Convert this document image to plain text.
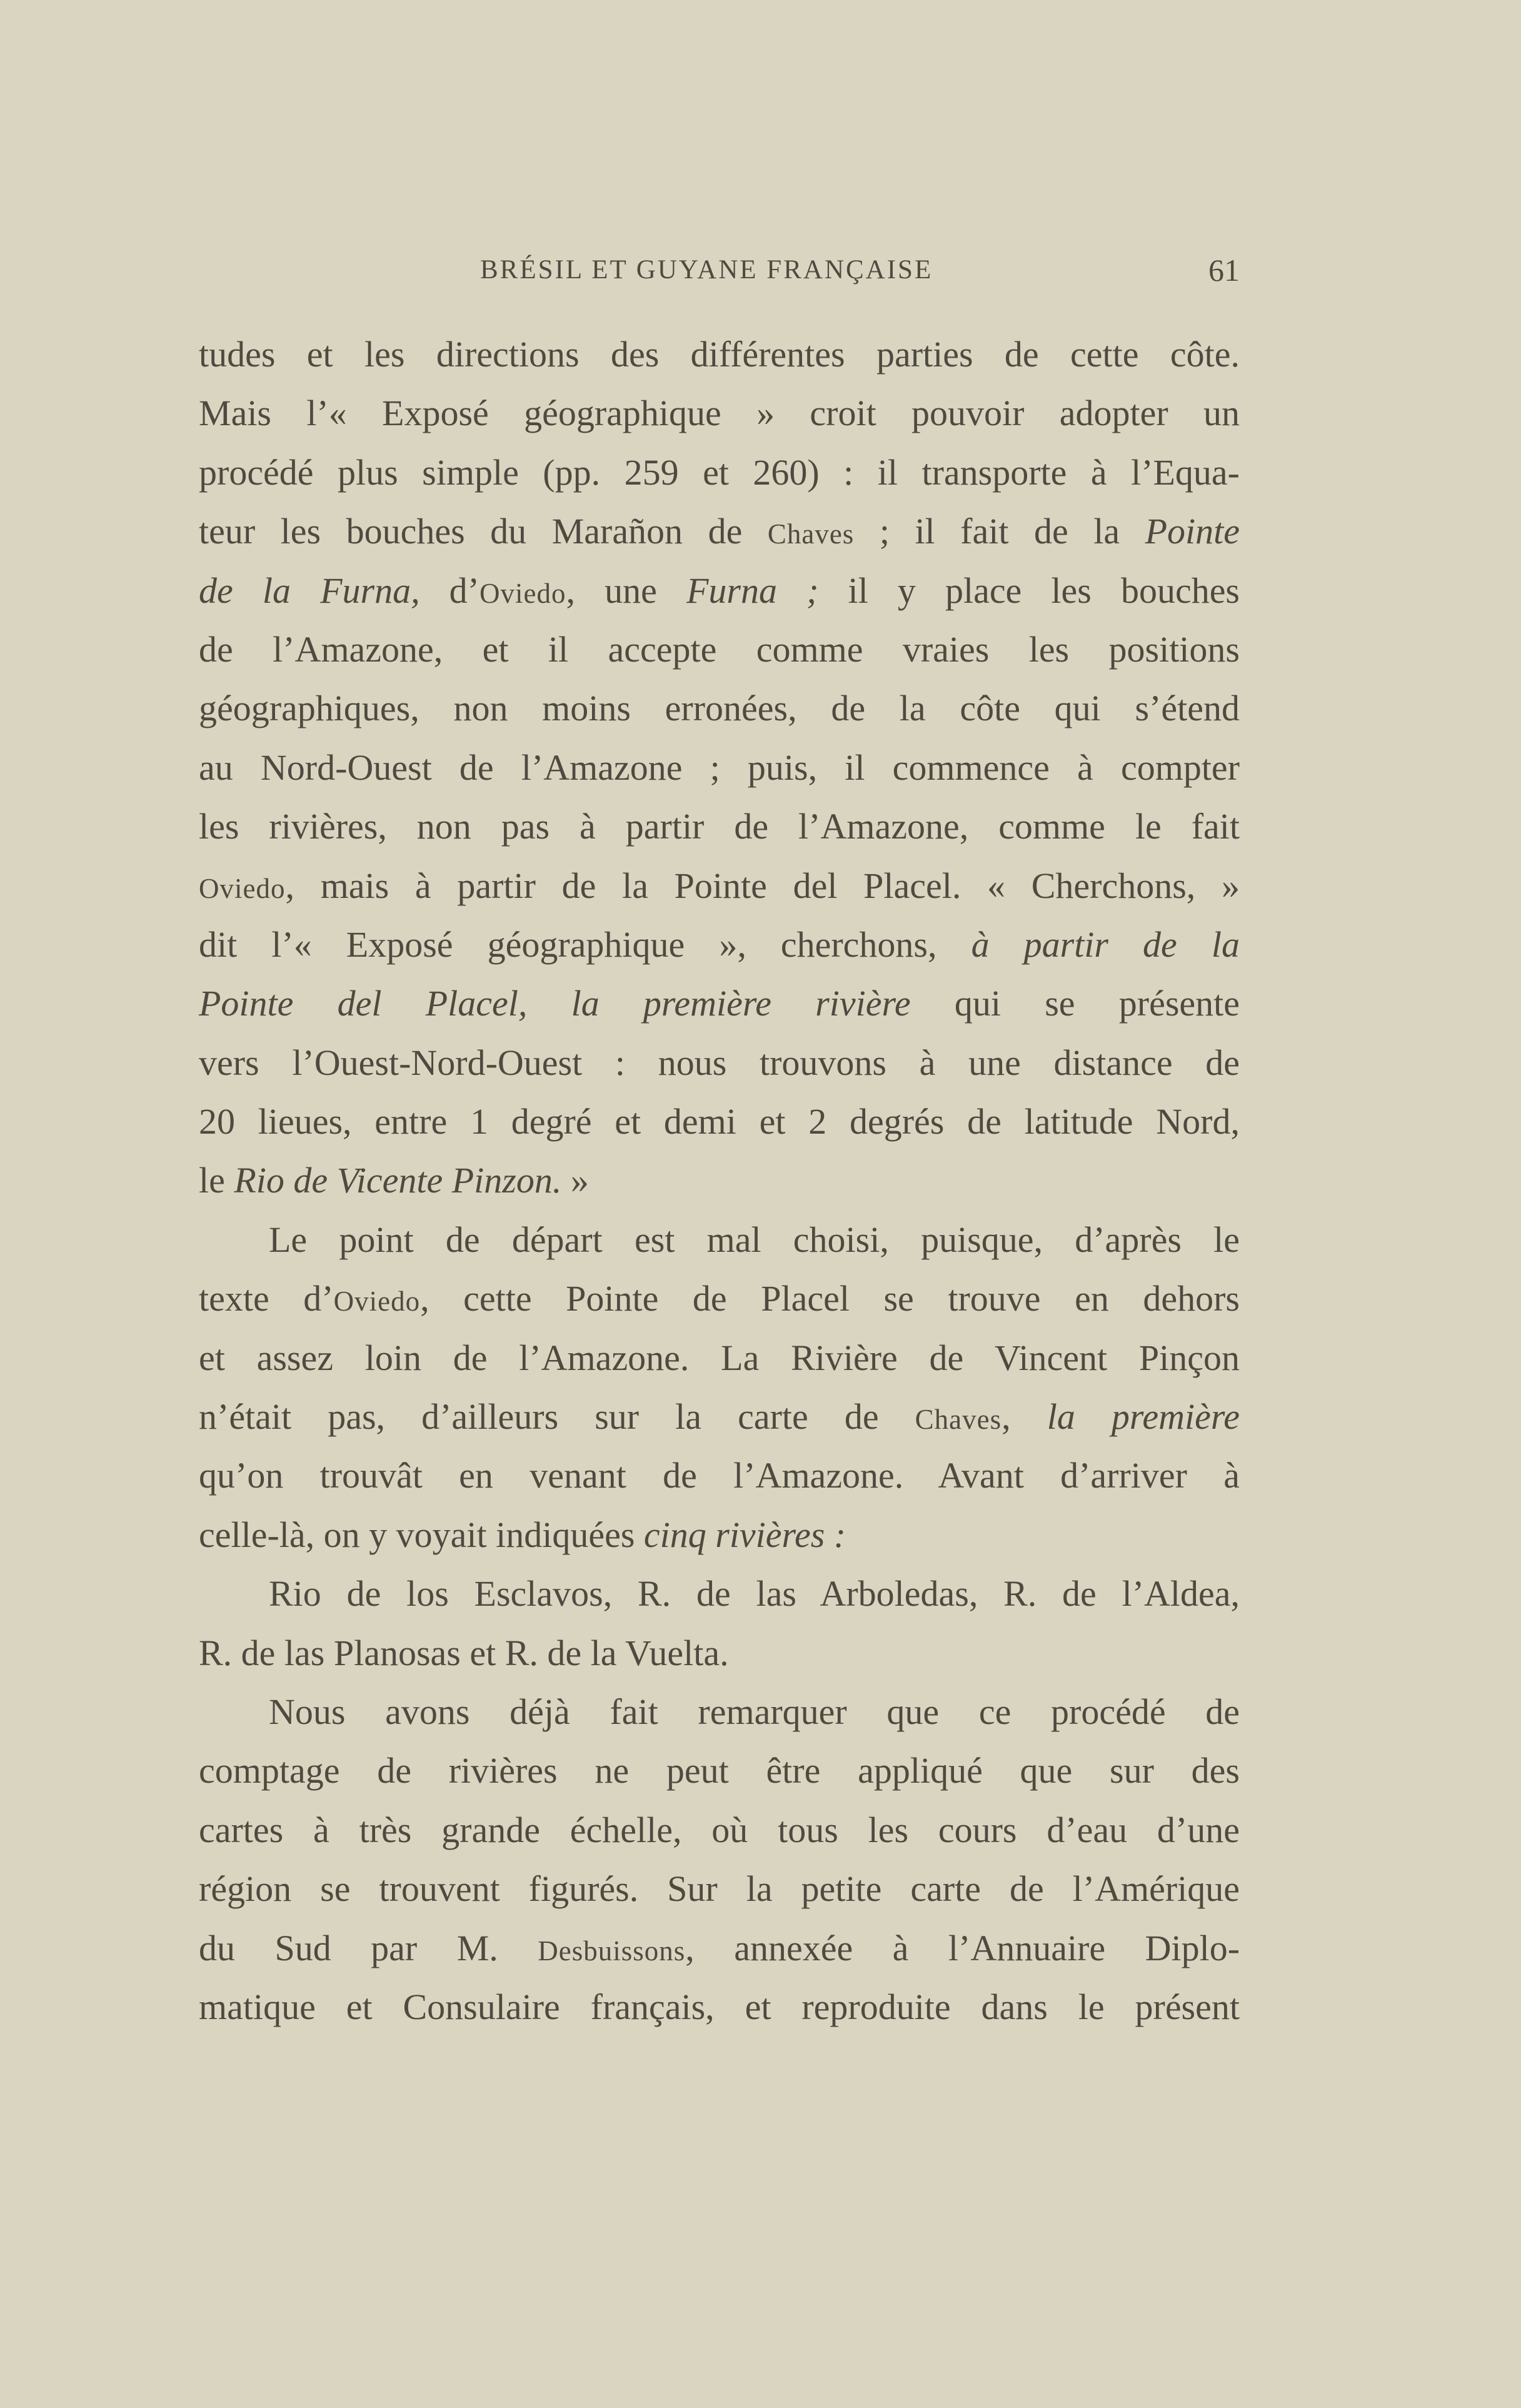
BRÉSIL ET GUYANE FRANÇAISE	61
tudes et les directions des différentes parties de cette côte.
Mais l’« Exposé géographique » croit pouvoir adopter un
procédé plus simple (pp. 259 et 260) : il transporte à l’Equa-
teur les bouches du Marañon de Chaves ; il fait de la Pointe
de la Furna, d’Oviedo, une Furna ; il y place les bouches
de l’Amazone, et il accepte comme vraies les positions
géographiques, non moins erronées, de la côte qui s’étend
au Nord-Ouest de l’Amazone ; puis, il commence à compter
les rivières, non pas à partir de l’Amazone, comme le fait
Oviedo, mais à partir de la Pointe del Placel. « Cherchons, »
dit l’« Exposé géographique », cherchons, à partir de la
Pointe del Placel, la première rivière qui se présente
vers l’Ouest-Nord-Ouest : nous trouvons à une distance de
20 lieues, entre 1 degré et demi et 2 degrés de latitude Nord,
le Rio de Vicente Pinzon. »
Le point de départ est mal choisi, puisque, d’après le
texte d’Oviedo, cette Pointe de Placel se trouve en dehors
et assez loin de l’Amazone. La Rivière de Vincent Pinçon
n’était pas, d’ailleurs sur la carte de Chaves, la première
qu’on trouvât en venant de l’Amazone. Avant d’arriver à
celle-là, on y voyait indiquées cinq rivières :
Rio de los Esclavos, R. de las Arboledas, R. de l’Aldea,
R. de las Planosas et R. de la Vuelta.
Nous avons déjà fait remarquer que ce procédé de
comptage de rivières ne peut être appliqué que sur des
cartes à très grande échelle, où tous les cours d’eau d’une
région se trouvent figurés. Sur la petite carte de l’Amérique
du Sud par M. Desbuissons, annexée à l’Annuaire Diplo-
matique et Consulaire français, et reproduite dans le présent
